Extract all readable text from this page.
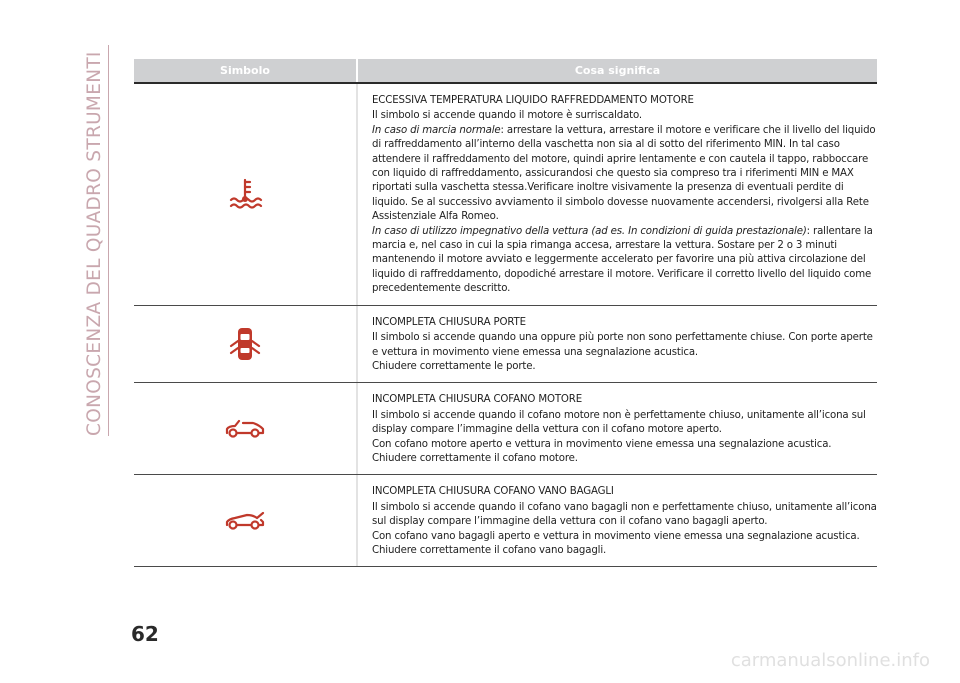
CONOSCENZA DEL QUADRO STRUMENTI	Simbolo	Cosa significa

ECCESSIVA TEMPERATURA LIQUIDO RAFFREDDAMENTO MOTORE

Il simbolo si accende quando il motore è surriscaldato.

In caso di marcia normale: arrestare la vettura, arrestare il motore e verificare che il livello del liquido di raffreddamento all’interno della vaschetta non sia al di sotto del riferimento MIN. In tal caso attendere il raffreddamento del motore, quindi aprire lentamente e con cautela il tappo, rabboccare con liquido di raffreddamento, assicurandosi che questo sia compreso tra i riferimenti MIN e MAX riportati sulla vaschetta stessa.Verificare inoltre visivamente la presenza di eventuali perdite di liquido. Se al successivo avviamento il simbolo dovesse nuovamente accendersi, rivolgersi alla Rete Assistenziale Alfa Romeo.

In caso di utilizzo impegnativo della vettura (ad es. In condizioni di guida prestazionale): rallentare la marcia e, nel caso in cui la spia rimanga accesa, arrestare la vettura. Sostare per 2 o 3 minuti mantenendo il motore avviato e leggermente accelerato per favorire una più attiva circolazione del liquido di raffreddamento, dopodiché arrestare il motore. Verificare il corretto livello del liquido come precedentemente descritto.

INCOMPLETA CHIUSURA PORTE

Il simbolo si accende quando una oppure più porte non sono perfettamente chiuse. Con porte aperte e vettura in movimento viene emessa una segnalazione acustica.

Chiudere correttamente le porte.

INCOMPLETA CHIUSURA COFANO MOTORE

Il simbolo si accende quando il cofano motore non è perfettamente chiuso, unitamente all’icona sul display compare l’immagine della vettura con il cofano motore aperto.

Con cofano motore aperto e vettura in movimento viene emessa una segnalazione acustica.

Chiudere correttamente il cofano motore.

INCOMPLETA CHIUSURA COFANO VANO BAGAGLI

Il simbolo si accende quando il cofano vano bagagli non e perfettamente chiuso, unitamente all’icona sul display compare l’immagine della vettura con il cofano vano bagagli aperto.

Con cofano vano bagagli aperto e vettura in movimento viene emessa una segnalazione acustica.

Chiudere correttamente il cofano vano bagagli.

62
carmanualsonline.info
